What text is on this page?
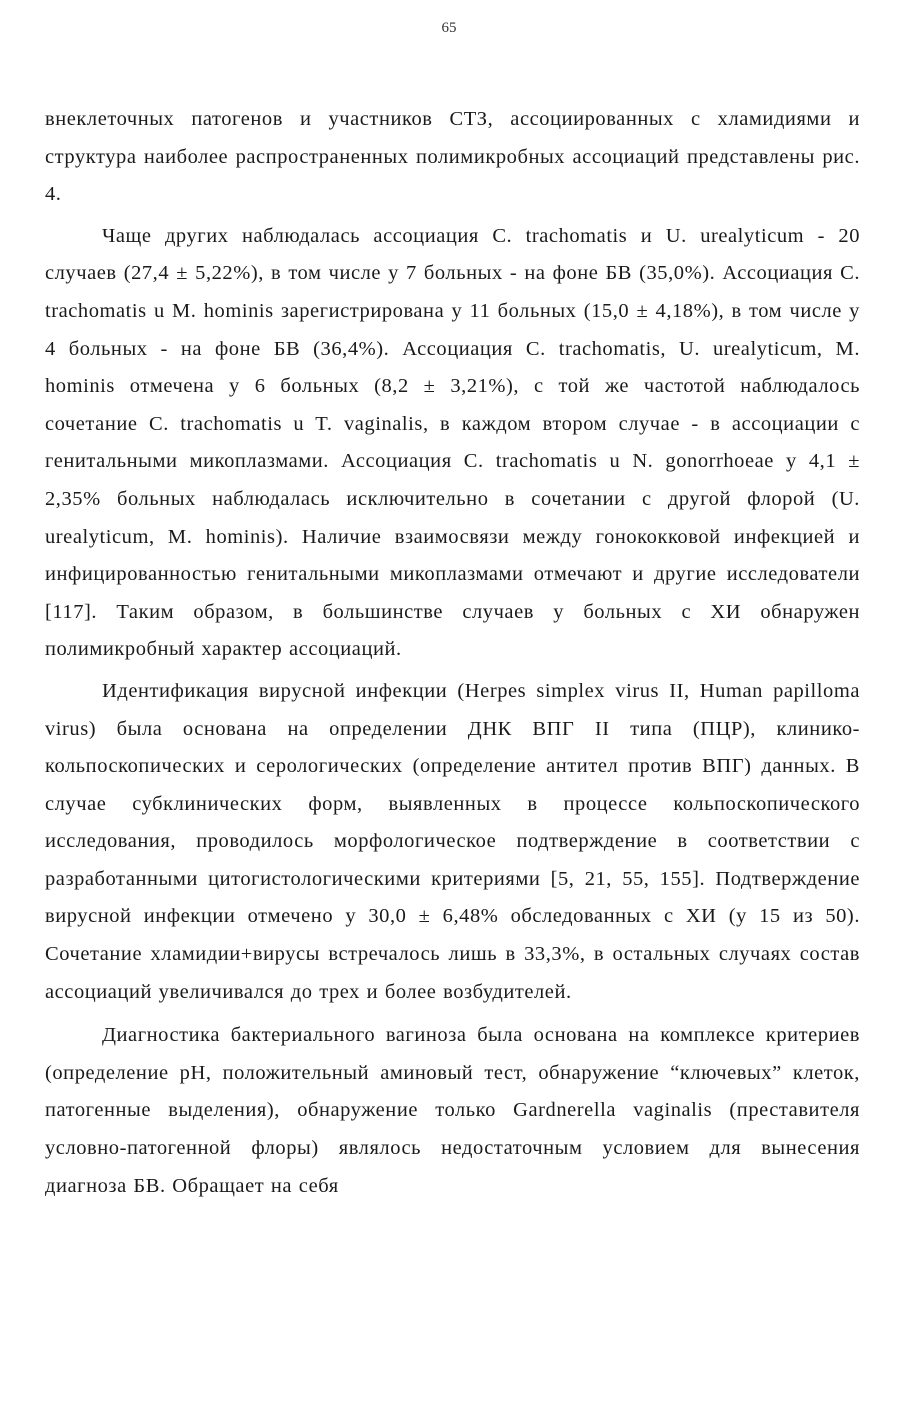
65

внеклеточных патогенов и участников СТЗ, ассоциированных с хламидиями и структура наиболее распространенных полимикробных ассоциаций представлены рис. 4.

Чаще других наблюдалась ассоциация C. trachomatis и U. urealyticum - 20 случаев (27,4 ± 5,22%), в том числе у 7 больных - на фоне БВ (35,0%). Ассоциация C. trachomatis u M. hominis зарегистрирована у 11 больных (15,0 ± 4,18%), в том числе у 4 больных - на фоне БВ (36,4%). Ассоциация C. trachomatis, U. urealyticum, M. hominis отмечена у 6 больных (8,2 ± 3,21%), с той же частотой наблюдалось сочетание C. trachomatis u T. vaginalis, в каждом втором случае - в ассоциации с генитальными микоплазмами. Ассоциация C. trachomatis u N. gonorrhoeae у 4,1 ± 2,35% больных наблюдалась исключительно в сочетании с другой флорой (U. urealyticum, M. hominis). Наличие взаимосвязи между гонококковой инфекцией и инфицированностью генитальными микоплазмами отмечают и другие исследователи [117]. Таким образом, в большинстве случаев у больных с ХИ обнаружен полимикробный характер ассоциаций.

Идентификация вирусной инфекции (Herpes simplex virus II, Human papilloma virus) была основана на определении ДНК ВПГ II типа (ПЦР), клинико-кольпоскопических и серологических (определение антител против ВПГ) данных. В случае субклинических форм, выявленных в процессе кольпоскопического исследования, проводилось морфологическое подтверждение в соответствии с разработанными цитогистологическими критериями [5, 21, 55, 155]. Подтверждение вирусной инфекции отмечено у 30,0 ± 6,48% обследованных с ХИ (у 15 из 50). Сочетание хламидии+вирусы встречалось лишь в 33,3%, в остальных случаях состав ассоциаций увеличивался до трех и более возбудителей.

Диагностика бактериального вагиноза была основана на комплексе критериев (определение pH, положительный аминовый тест, обнаружение “ключевых” клеток, патогенные выделения), обнаружение только Gardnerella vaginalis (преставителя условно-патогенной флоры) являлось недостаточным условием для вынесения диагноза БВ. Обращает на себя
